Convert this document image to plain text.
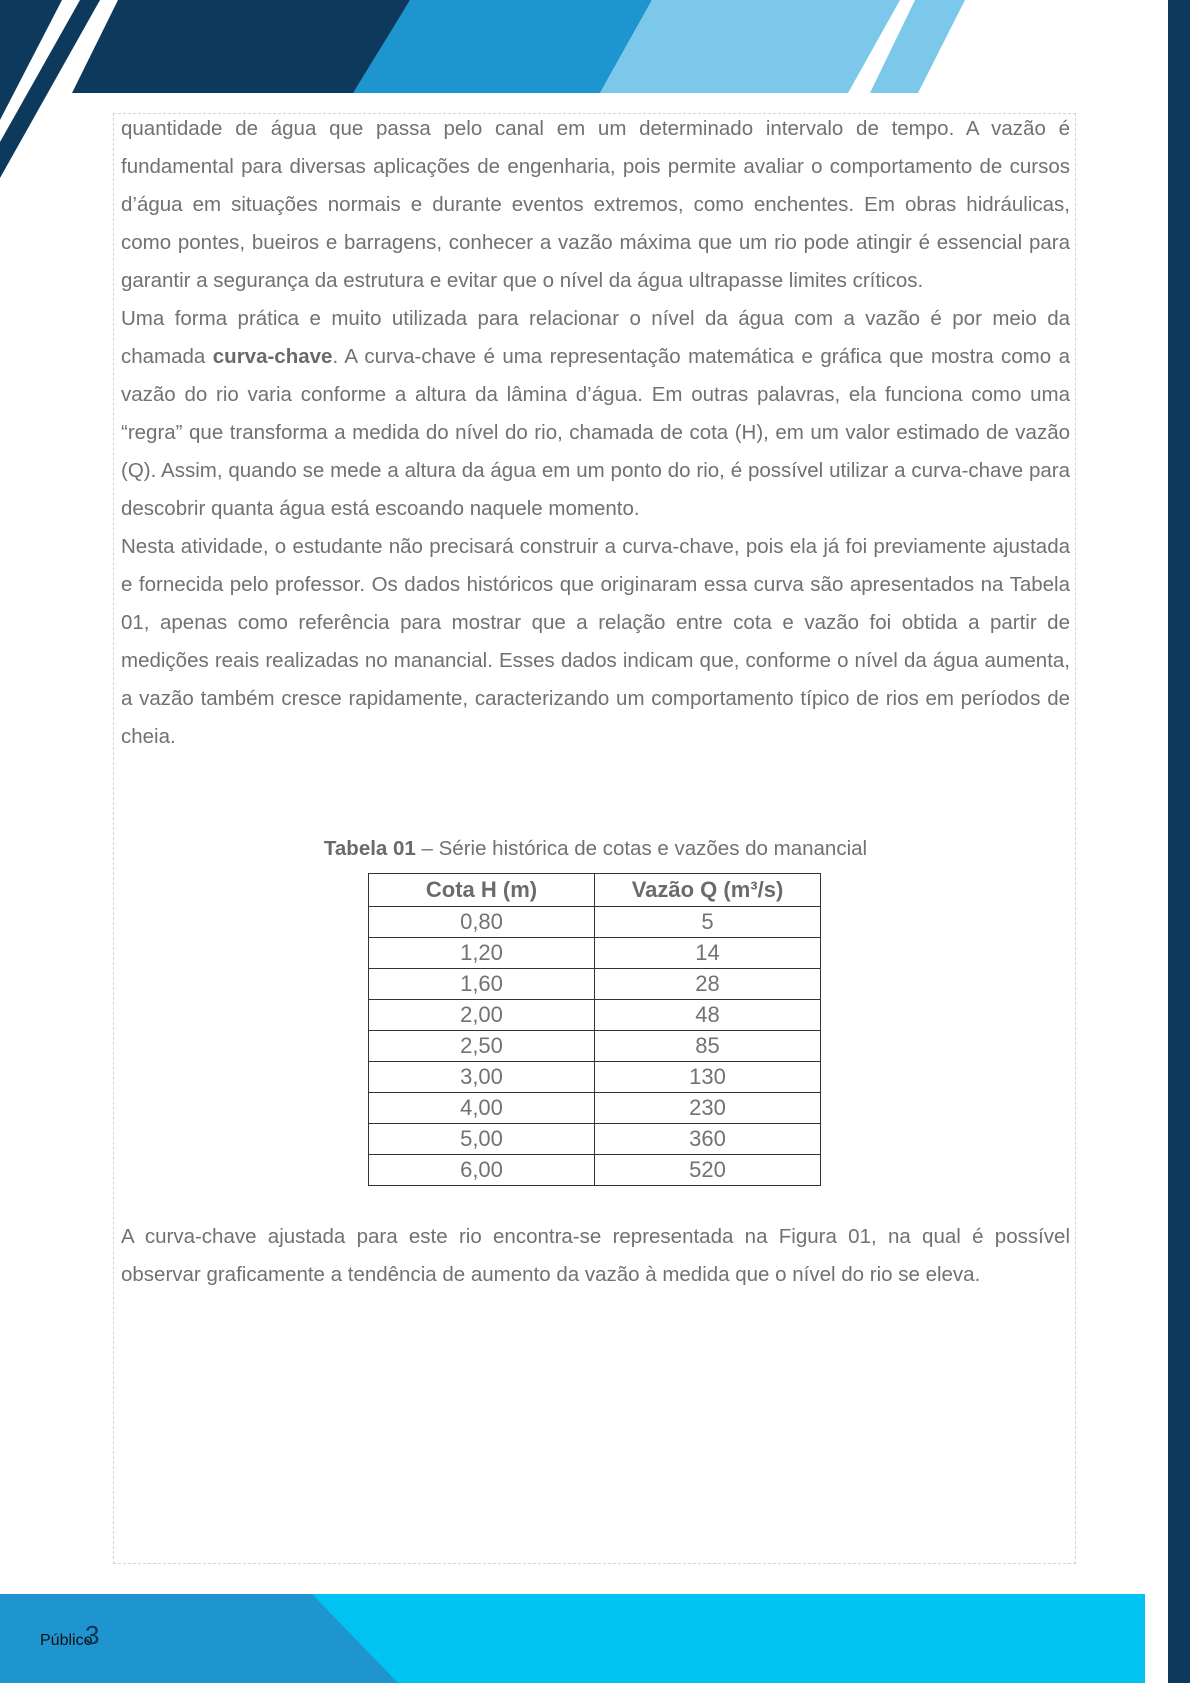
quantidade de água que passa pelo canal em um determinado intervalo de tempo. A vazão é fundamental para diversas aplicações de engenharia, pois permite avaliar o comportamento de cursos d’água em situações normais e durante eventos extremos, como enchentes. Em obras hidráulicas, como pontes, bueiros e barragens, conhecer a vazão máxima que um rio pode atingir é essencial para garantir a segurança da estrutura e evitar que o nível da água ultrapasse limites críticos.

Uma forma prática e muito utilizada para relacionar o nível da água com a vazão é por meio da chamada curva-chave. A curva-chave é uma representação matemática e gráfica que mostra como a vazão do rio varia conforme a altura da lâmina d’água. Em outras palavras, ela funciona como uma “regra” que transforma a medida do nível do rio, chamada de cota (H), em um valor estimado de vazão (Q). Assim, quando se mede a altura da água em um ponto do rio, é possível utilizar a curva-chave para descobrir quanta água está escoando naquele momento.

Nesta atividade, o estudante não precisará construir a curva-chave, pois ela já foi previamente ajustada e fornecida pelo professor. Os dados históricos que originaram essa curva são apresentados na Tabela 01, apenas como referência para mostrar que a relação entre cota e vazão foi obtida a partir de medições reais realizadas no manancial. Esses dados indicam que, conforme o nível da água aumenta, a vazão também cresce rapidamente, caracterizando um comportamento típico de rios em períodos de cheia.

Tabela 01 – Série histórica de cotas e vazões do manancial
Cota H (m)	Vazão Q (m³/s)
0,80	5
1,20	14
1,60	28
2,00	48
2,50	85
3,00	130
4,00	230
5,00	360
6,00	520

A curva-chave ajustada para este rio encontra-se representada na Figura 01, na qual é possível observar graficamente a tendência de aumento da vazão à medida que o nível do rio se eleva.

Público
3
